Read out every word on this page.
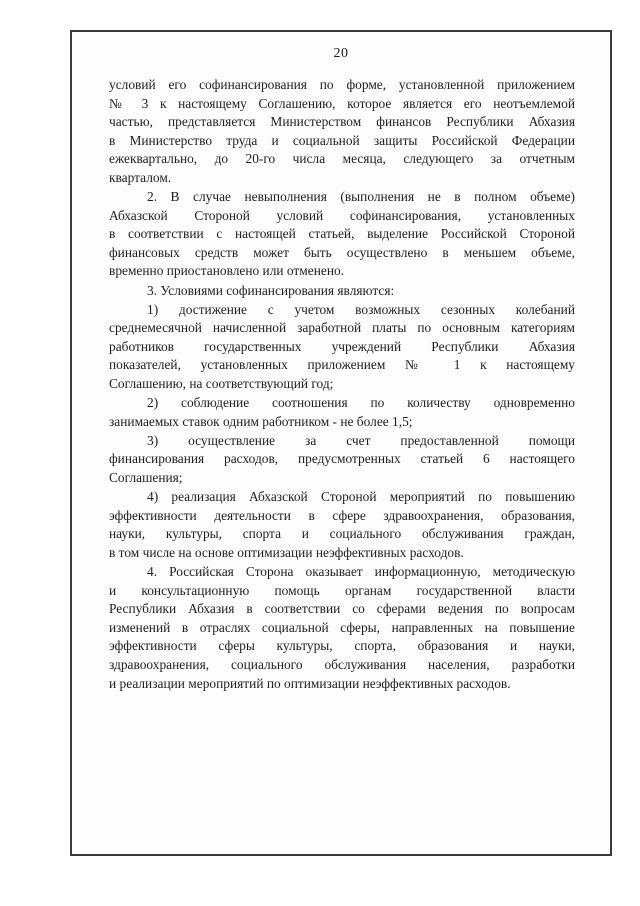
20

условий его софинансирования по форме, установленной приложением
№ 3 к настоящему Соглашению, которое является его неотъемлемой
частью, представляется Министерством финансов Республики Абхазия
в Министерство труда и социальной защиты Российской Федерации
ежеквартально, до 20-го числа месяца, следующего за отчетным
кварталом.

2. В случае невыполнения (выполнения не в полном объеме)
Абхазской Стороной условий софинансирования, установленных
в соответствии с настоящей статьей, выделение Российской Стороной
финансовых средств может быть осуществлено в меньшем объеме,
временно приостановлено или отменено.

3. Условиями софинансирования являются:

1) достижение с учетом возможных сезонных колебаний
среднемесячной начисленной заработной платы по основным категориям
работников государственных учреждений Республики Абхазия
показателей, установленных приложением № 1 к настоящему
Соглашению, на соответствующий год;

2) соблюдение соотношения по количеству одновременно
занимаемых ставок одним работником - не более 1,5;

3) осуществление за счет предоставленной помощи
финансирования расходов, предусмотренных статьей 6 настоящего
Соглашения;

4) реализация Абхазской Стороной мероприятий по повышению
эффективности деятельности в сфере здравоохранения, образования,
науки, культуры, спорта и социального обслуживания граждан,
в том числе на основе оптимизации неэффективных расходов.

4. Российская Сторона оказывает информационную, методическую
и консультационную помощь органам государственной власти
Республики Абхазия в соответствии со сферами ведения по вопросам
изменений в отраслях социальной сферы, направленных на повышение
эффективности сферы культуры, спорта, образования и науки,
здравоохранения, социального обслуживания населения, разработки
и реализации мероприятий по оптимизации неэффективных расходов.
